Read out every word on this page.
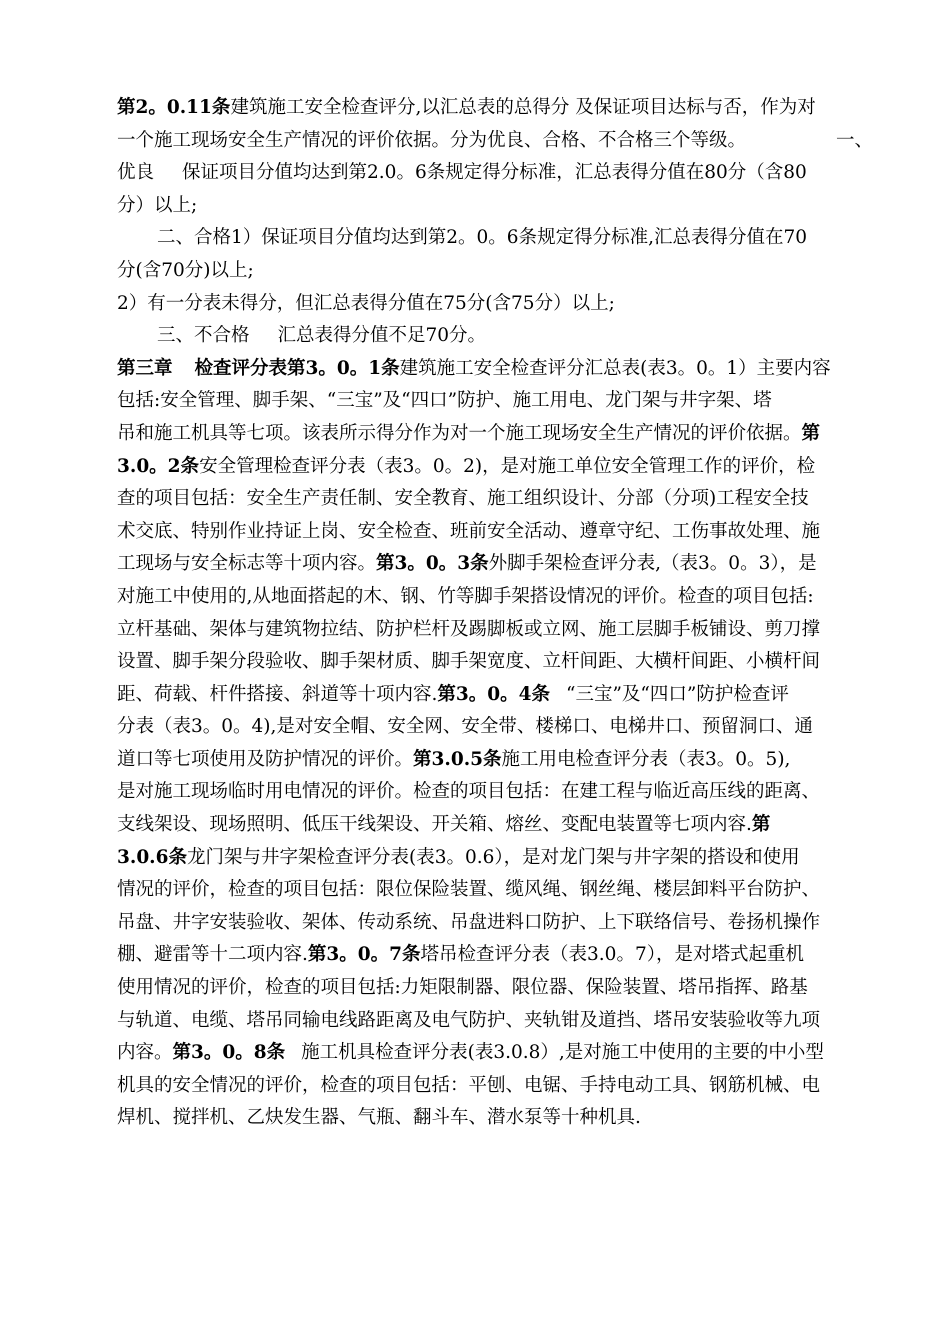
第2。0.11条建筑施工安全检查评分,以汇总表的总得分 及保证项目达标与否，作为对
一个施工现场安全生产情况的评价依据。分为优良、合格、不合格三个等级。	一、
优良 保证项目分值均达到第2.0。6条规定得分标准，汇总表得分值在80分（含80
分）以上;
二、合格1）保证项目分值均达到第2。0。6条规定得分标准,汇总表得分值在70
分(含70分)以上;
2）有一分表未得分，但汇总表得分值在75分(含75分）以上;
三、不合格 汇总表得分值不足70分。
第三章 检查评分表第3。0。1条建筑施工安全检查评分汇总表(表3。0。1）主要内容
包括:安全管理、脚手架、“三宝”及“四口”防护、施工用电、龙门架与井字架、塔
吊和施工机具等七项。该表所示得分作为对一个施工现场安全生产情况的评价依据。第
3.0。2条安全管理检查评分表（表3。0。2)，是对施工单位安全管理工作的评价，检
查的项目包括：安全生产责任制、安全教育、施工组织设计、分部（分项)工程安全技
术交底、特别作业持证上岗、安全检查、班前安全活动、遵章守纪、工伤事故处理、施
工现场与安全标志等十项内容。第3。0。3条外脚手架检查评分表,（表3。0。3），是
对施工中使用的,从地面搭起的木、钢、竹等脚手架搭设情况的评价。检查的项目包括:
立杆基础、架体与建筑物拉结、防护栏杆及踢脚板或立网、施工层脚手板铺设、剪刀撑
设置、脚手架分段验收、脚手架材质、脚手架宽度、立杆间距、大横杆间距、小横杆间
距、荷载、杆件搭接、斜道等十项内容.第3。0。4条 “三宝”及“四口”防护检查评
分表（表3。0。4),是对安全帽、安全网、安全带、楼梯口、电梯井口、预留洞口、通
道口等七项使用及防护情况的评价。第3.0.5条施工用电检查评分表（表3。0。5),
是对施工现场临时用电情况的评价。检查的项目包括：在建工程与临近高压线的距离、
支线架设、现场照明、低压干线架设、开关箱、熔丝、变配电装置等七项内容.第
3.0.6条龙门架与井字架检查评分表(表3。0.6），是对龙门架与井字架的搭设和使用
情况的评价，检查的项目包括：限位保险装置、缆风绳、钢丝绳、楼层卸料平台防护、
吊盘、井字安装验收、架体、传动系统、吊盘进料口防护、上下联络信号、卷扬机操作
棚、避雷等十二项内容.第3。0。7条塔吊检查评分表（表3.0。7），是对塔式起重机
使用情况的评价，检查的项目包括:力矩限制器、限位器、保险装置、塔吊指挥、路基
与轨道、电缆、塔吊同输电线路距离及电气防护、夹轨钳及道挡、塔吊安装验收等九项
内容。第3。0。8条 施工机具检查评分表(表3.0.8）,是对施工中使用的主要的中小型
机具的安全情况的评价，检查的项目包括：平刨、电锯、手持电动工具、钢筋机械、电
焊机、搅拌机、乙炔发生器、气瓶、翻斗车、潜水泵等十种机具.
